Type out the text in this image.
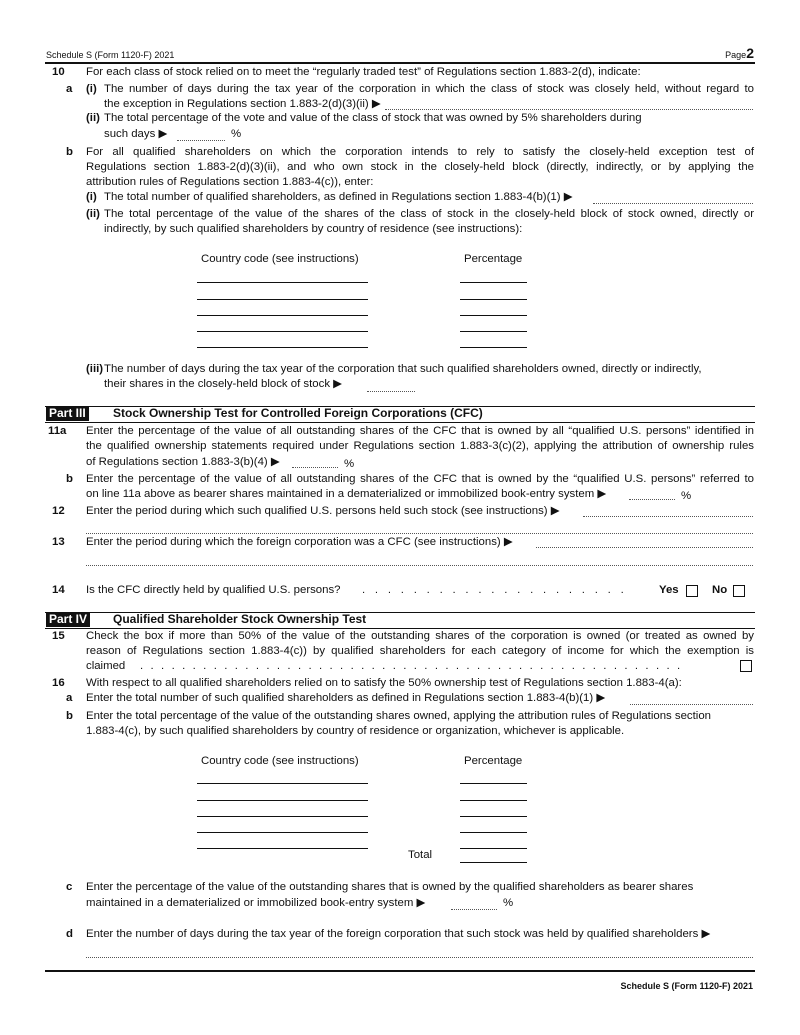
Schedule S (Form 1120-F) 2021	Page2
10 For each class of stock relied on to meet the “regularly traded test” of Regulations section 1.883-2(d), indicate:
a (i) The number of days during the tax year of the corporation in which the class of stock was closely held, without regard to
the exception in Regulations section 1.883-2(d)(3)(ii) ▶
(ii) The total percentage of the vote and value of the class of stock that was owned by 5% shareholders during
such days ▶	%
b For all qualified shareholders on which the corporation intends to rely to satisfy the closely-held exception test of
Regulations section 1.883-2(d)(3)(ii), and who own stock in the closely-held block (directly, indirectly, or by applying the
attribution rules of Regulations section 1.883-4(c)), enter:
(i) The total number of qualified shareholders, as defined in Regulations section 1.883-4(b)(1) ▶
(ii) The total percentage of the value of the shares of the class of stock in the closely-held block of stock owned, directly or
indirectly, by such qualified shareholders by country of residence (see instructions):
Country code (see instructions)	Percentage
(iii) The number of days during the tax year of the corporation that such qualified shareholders owned, directly or indirectly,
their shares in the closely-held block of stock ▶
Part III Stock Ownership Test for Controlled Foreign Corporations (CFC)
11a Enter the percentage of the value of all outstanding shares of the CFC that is owned by all “qualified U.S. persons” identified in
the qualified ownership statements required under Regulations section 1.883-3(c)(2), applying the attribution of ownership rules
of Regulations section 1.883-3(b)(4) ▶	%
b Enter the percentage of the value of all outstanding shares of the CFC that is owned by the “qualified U.S. persons” referred to
on line 11a above as bearer shares maintained in a dematerialized or immobilized book-entry system ▶	%
12 Enter the period during which such qualified U.S. persons held such stock (see instructions) ▶
13 Enter the period during which the foreign corporation was a CFC (see instructions) ▶
14 Is the CFC directly held by qualified U.S. persons? . . . . . . . . . . . . . . . . . . . . .	Yes	No
Part IV Qualified Shareholder Stock Ownership Test
15 Check the box if more than 50% of the value of the outstanding shares of the corporation is owned (or treated as owned by
reason of Regulations section 1.883-4(c)) by qualified shareholders for each category of income for which the exemption is
claimed . . . . . . . . . . . . . . . . . . . . . . . . . . . . . . . . . . . . . . . . . . . . . . . . . . . .
16 With respect to all qualified shareholders relied on to satisfy the 50% ownership test of Regulations section 1.883-4(a):
a Enter the total number of such qualified shareholders as defined in Regulations section 1.883-4(b)(1) ▶
b Enter the total percentage of the value of the outstanding shares owned, applying the attribution rules of Regulations section
1.883-4(c), by such qualified shareholders by country of residence or organization, whichever is applicable.
Country code (see instructions)	Percentage
Total
c Enter the percentage of the value of the outstanding shares that is owned by the qualified shareholders as bearer shares
maintained in a dematerialized or immobilized book-entry system ▶	%
d Enter the number of days during the tax year of the foreign corporation that such stock was held by qualified shareholders ▶
Schedule S (Form 1120-F) 2021
